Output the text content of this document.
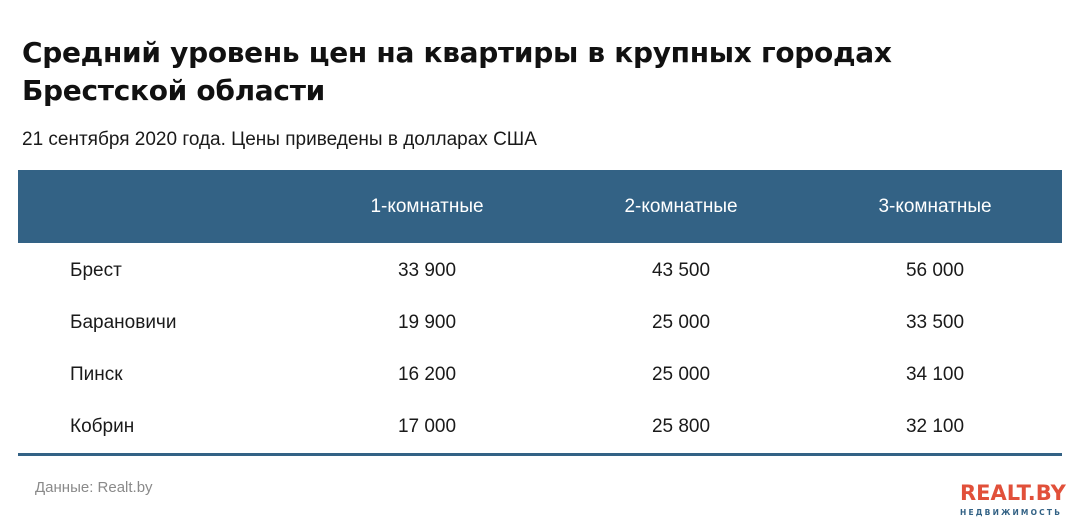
Средний уровень цен на квартиры в крупных городах Брестской области
21 сентября 2020 года. Цены приведены в долларах США
	1-комнатные	2-комнатные	3-комнатные
Брест	33 900	43 500	56 000
Барановичи	19 900	25 000	33 500
Пинск	16 200	25 000	34 100
Кобрин	17 000	25 800	32 100
Данные: Realt.by	REALT.BY
НЕДВИЖИМОСТЬ
